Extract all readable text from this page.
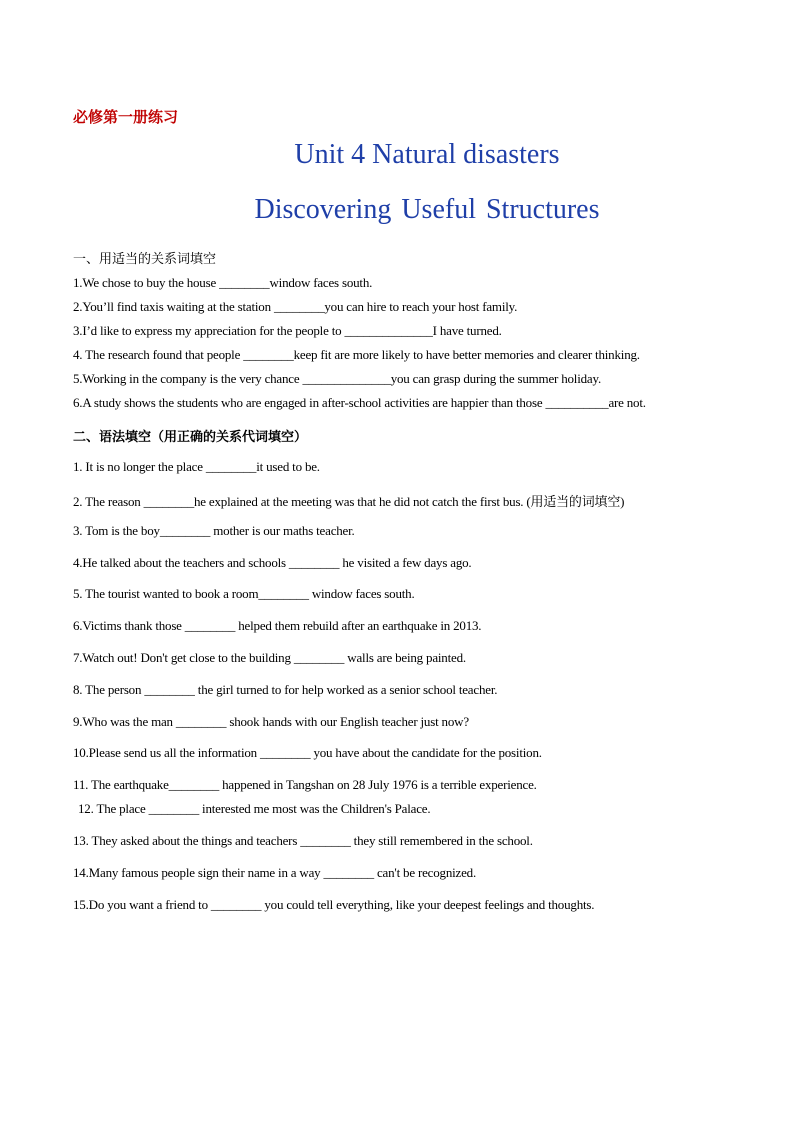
必修第一册练习
Unit 4 Natural disasters
Discovering Useful Structures
一、用适当的关系词填空
1.We chose to buy the house ________window faces south.
2.You’ll find taxis waiting at the station ________you can hire to reach your host family.
3.I’d like to express my appreciation for the people to ______________I have turned.
4. The research found that people ________keep fit are more likely to have better memories and clearer thinking.
5.Working in the company is the very chance ______________you can grasp during the summer holiday.
6.A study shows the students who are engaged in after-school activities are happier than those __________are not.
二、语法填空（用正确的关系代词填空）
1. It is no longer the place ________it used to be.
2. The reason ________he explained at the meeting was that he did not catch the first bus. (用适当的词填空)
3. Tom is the boy________ mother is our maths teacher.
4.He talked about the teachers and schools ________ he visited a few days ago.
5. The tourist wanted to book a room________ window faces south.
6.Victims thank those ________ helped them rebuild after an earthquake in 2013.
7.Watch out! Don't get close to the building ________ walls are being painted.
8. The person ________ the girl turned to for help worked as a senior school teacher.
9.Who was the man ________ shook hands with our English teacher just now?
10.Please send us all the information ________ you have about the candidate for the position.
11. The earthquake________ happened in Tangshan on 28 July 1976 is a terrible experience.
12. The place ________ interested me most was the Children's Palace.
13. They asked about the things and teachers ________ they still remembered in the school.
14.Many famous people sign their name in a way ________ can't be recognized.
15.Do you want a friend to ________ you could tell everything, like your deepest feelings and thoughts.
